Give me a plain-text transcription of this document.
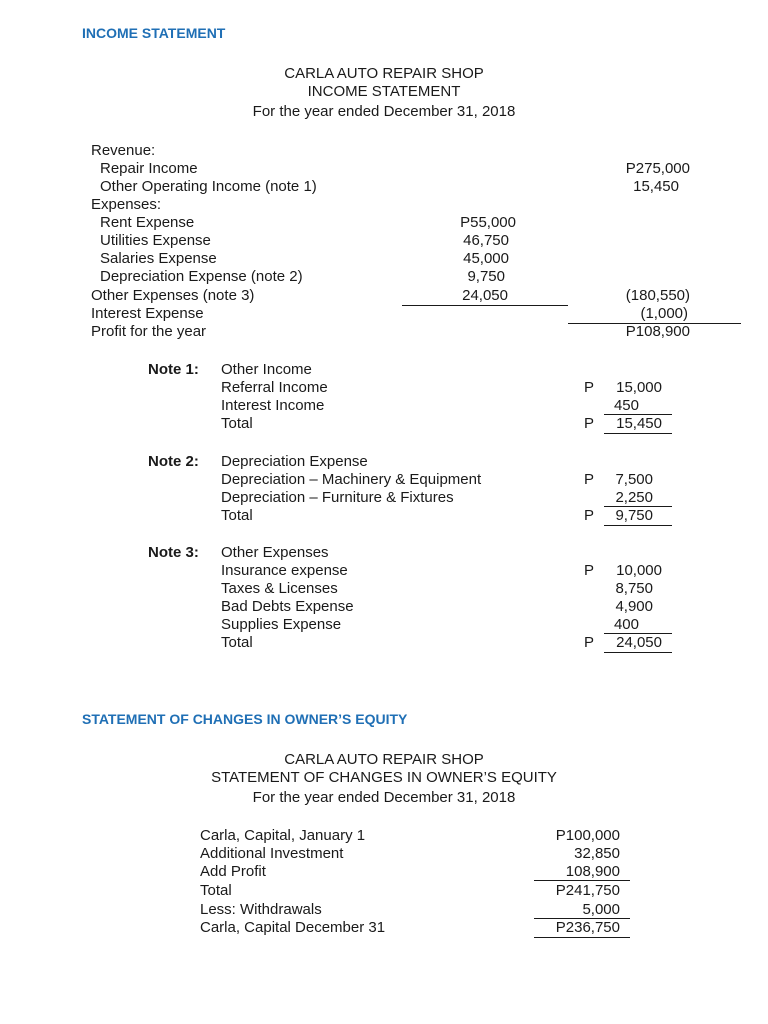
INCOME STATEMENT
CARLA AUTO REPAIR SHOP
INCOME STATEMENT
For the year ended December 31, 2018
Revenue:
Repair Income	P275,000
Other Operating Income (note 1)	15,450
Expenses:
Rent Expense	P55,000
Utilities Expense	46,750
Salaries Expense	45,000
Depreciation Expense (note 2)	9,750
Other Expenses (note 3)	24,050	(180,550)
Interest Expense	(1,000)
Profit for the year	P108,900
Note 1: Other Income
Referral Income	P	15,000
Interest Income	450
Total	P	15,450
Note 2: Depreciation Expense
Depreciation – Machinery & Equipment	P	7,500
Depreciation – Furniture & Fixtures	2,250
Total	P	9,750
Note 3: Other Expenses
Insurance expense	P	10,000
Taxes & Licenses	8,750
Bad Debts Expense	4,900
Supplies Expense	400
Total	P	24,050
STATEMENT OF CHANGES IN OWNER’S EQUITY
CARLA AUTO REPAIR SHOP
STATEMENT OF CHANGES IN OWNER’S EQUITY
For the year ended December 31, 2018
Carla, Capital, January 1	P100,000
Additional Investment	32,850
Add Profit	108,900
Total	P241,750
Less: Withdrawals	5,000
Carla, Capital December 31	P236,750
